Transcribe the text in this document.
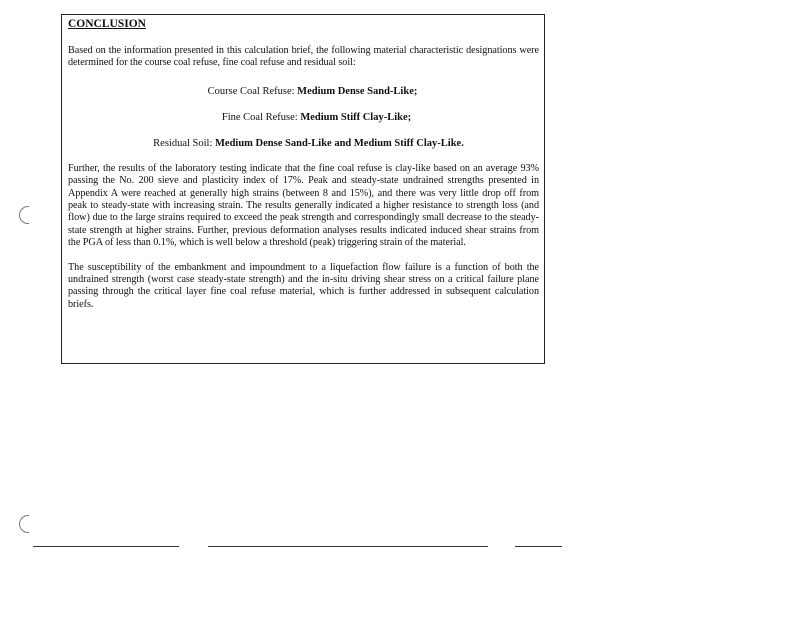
CONCLUSION

Based on the information presented in this calculation brief, the following material characteristic designations were determined for the course coal refuse, fine coal refuse and residual soil:

Course Coal Refuse: Medium Dense Sand-Like;

Fine Coal Refuse: Medium Stiff Clay-Like;

Residual Soil: Medium Dense Sand-Like and Medium Stiff Clay-Like.

Further, the results of the laboratory testing indicate that the fine coal refuse is clay-like based on an average 93% passing the No. 200 sieve and plasticity index of 17%. Peak and steady-state undrained strengths presented in Appendix A were reached at generally high strains (between 8 and 15%), and there was very little drop off from peak to steady-state with increasing strain. The results generally indicated a higher resistance to strength loss (and flow) due to the large strains required to exceed the peak strength and correspondingly small decrease to the steady-state strength at higher strains. Further, previous deformation analyses results indicated induced shear strains from the PGA of less than 0.1%, which is well below a threshold (peak) triggering strain of the material.

The susceptibility of the embankment and impoundment to a liquefaction flow failure is a function of both the undrained strength (worst case steady-state strength) and the in-situ driving shear stress on a critical failure plane passing through the critical layer fine coal refuse material, which is further addressed in subsequent calculation briefs.
